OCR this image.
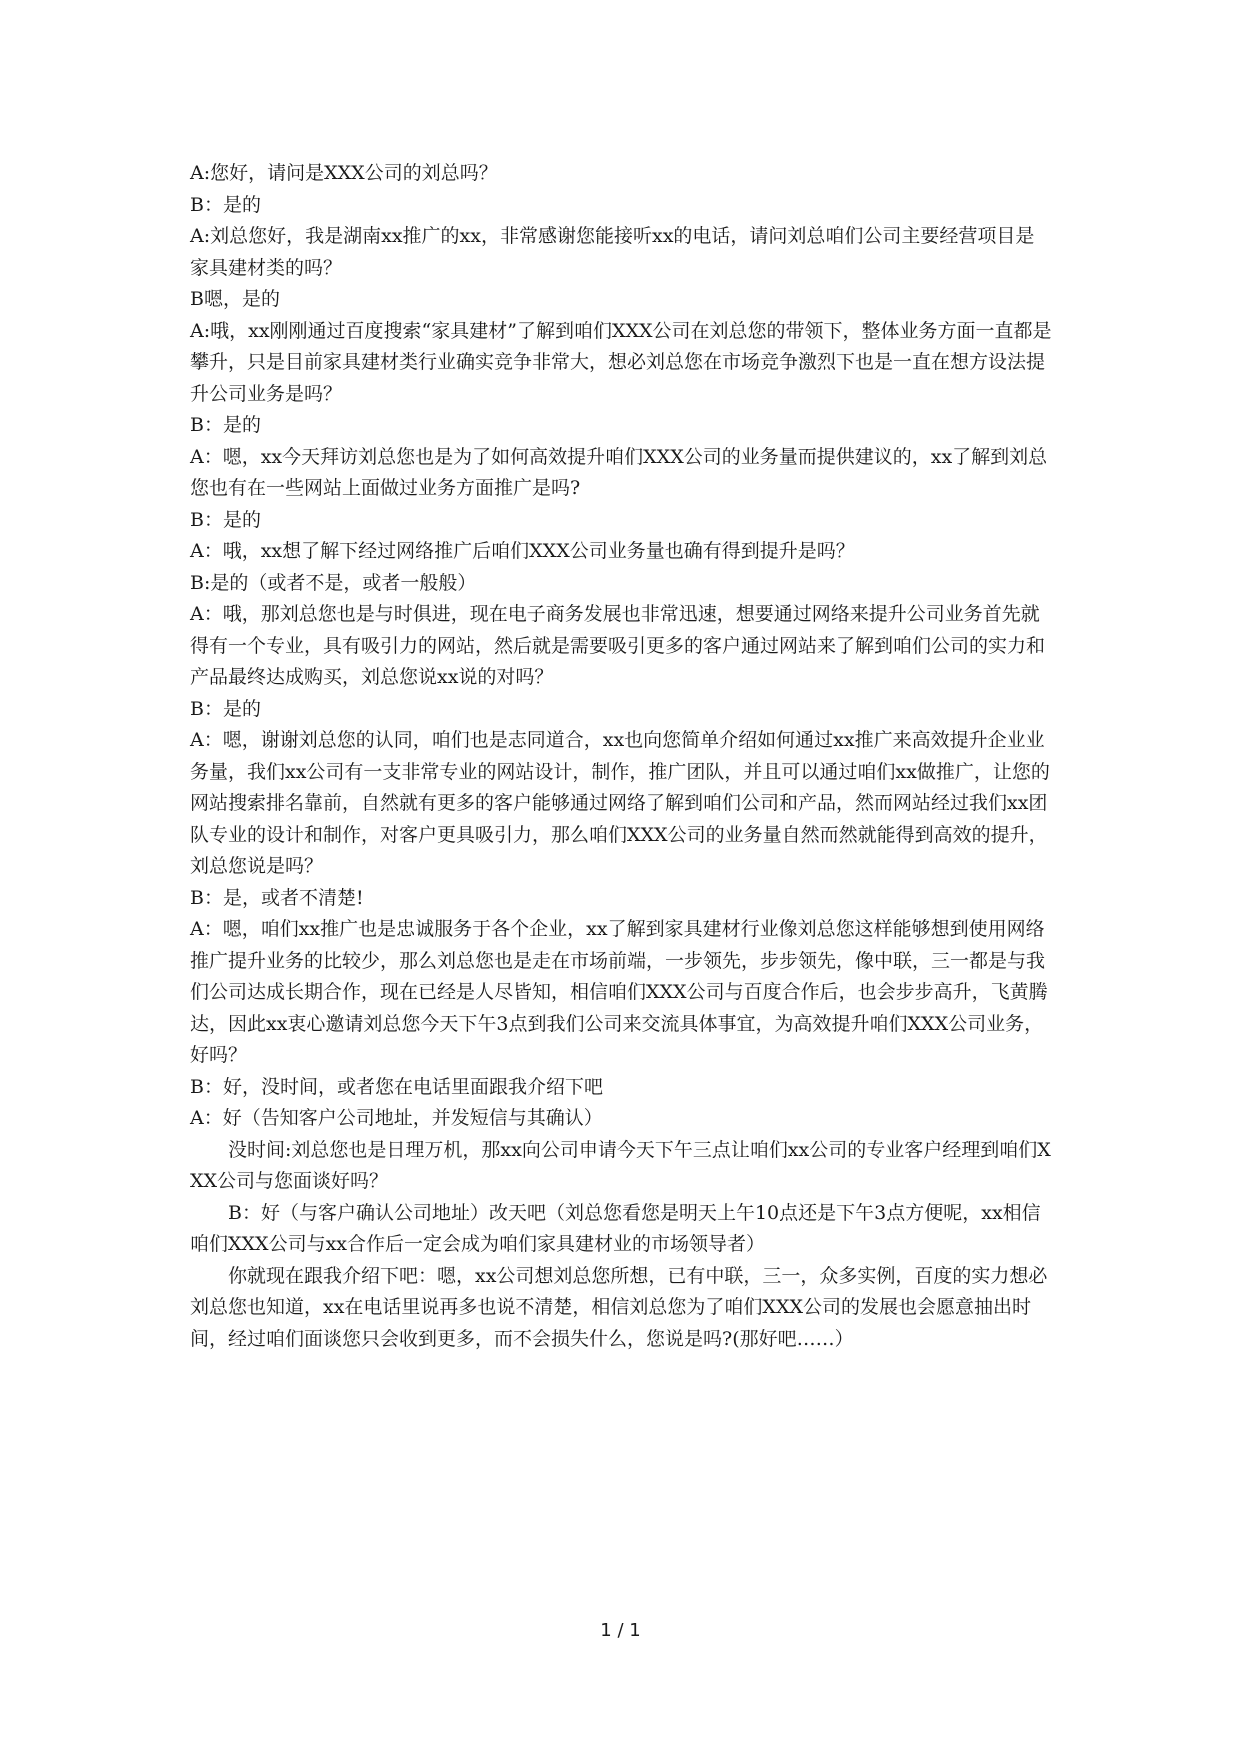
A:您好，请问是XXX公司的刘总吗？

B：是的

A:刘总您好，我是湖南xx推广的xx，非常感谢您能接听xx的电话，请问刘总咱们公司主要经营项目是家具建材类的吗？

B嗯，是的

A:哦，xx刚刚通过百度搜索“家具建材”了解到咱们XXX公司在刘总您的带领下，整体业务方面一直都是攀升，只是目前家具建材类行业确实竞争非常大，想必刘总您在市场竞争激烈下也是一直在想方设法提升公司业务是吗？

B：是的

A：嗯，xx今天拜访刘总您也是为了如何高效提升咱们XXX公司的业务量而提供建议的，xx了解到刘总您也有在一些网站上面做过业务方面推广是吗?

B：是的

A：哦，xx想了解下经过网络推广后咱们XXX公司业务量也确有得到提升是吗？

B:是的（或者不是，或者一般般）

A：哦，那刘总您也是与时俱进，现在电子商务发展也非常迅速，想要通过网络来提升公司业务首先就得有一个专业，具有吸引力的网站，然后就是需要吸引更多的客户通过网站来了解到咱们公司的实力和产品最终达成购买，刘总您说xx说的对吗？

B：是的

A：嗯，谢谢刘总您的认同，咱们也是志同道合，xx也向您简单介绍如何通过xx推广来高效提升企业业务量，我们xx公司有一支非常专业的网站设计，制作，推广团队，并且可以通过咱们xx做推广，让您的网站搜索排名靠前，自然就有更多的客户能够通过网络了解到咱们公司和产品，然而网站经过我们xx团队专业的设计和制作，对客户更具吸引力，那么咱们XXX公司的业务量自然而然就能得到高效的提升，刘总您说是吗？

B：是，或者不清楚!

A：嗯，咱们xx推广也是忠诚服务于各个企业，xx了解到家具建材行业像刘总您这样能够想到使用网络推广提升业务的比较少，那么刘总您也是走在市场前端，一步领先，步步领先，像中联，三一都是与我们公司达成长期合作，现在已经是人尽皆知，相信咱们XXX公司与百度合作后，也会步步高升，飞黄腾达，因此xx衷心邀请刘总您今天下午3点到我们公司来交流具体事宜，为高效提升咱们XXX公司业务，好吗？

B：好，没时间，或者您在电话里面跟我介绍下吧

A：好（告知客户公司地址，并发短信与其确认）

没时间:刘总您也是日理万机，那xx向公司申请今天下午三点让咱们xx公司的专业客户经理到咱们XXX公司与您面谈好吗？

B：好（与客户确认公司地址）改天吧（刘总您看您是明天上午10点还是下午3点方便呢，xx相信咱们XXX公司与xx合作后一定会成为咱们家具建材业的市场领导者）

你就现在跟我介绍下吧：嗯，xx公司想刘总您所想，已有中联，三一，众多实例，百度的实力想必刘总您也知道，xx在电话里说再多也说不清楚，相信刘总您为了咱们XXX公司的发展也会愿意抽出时间，经过咱们面谈您只会收到更多，而不会损失什么，您说是吗?(那好吧……）

1 / 1
